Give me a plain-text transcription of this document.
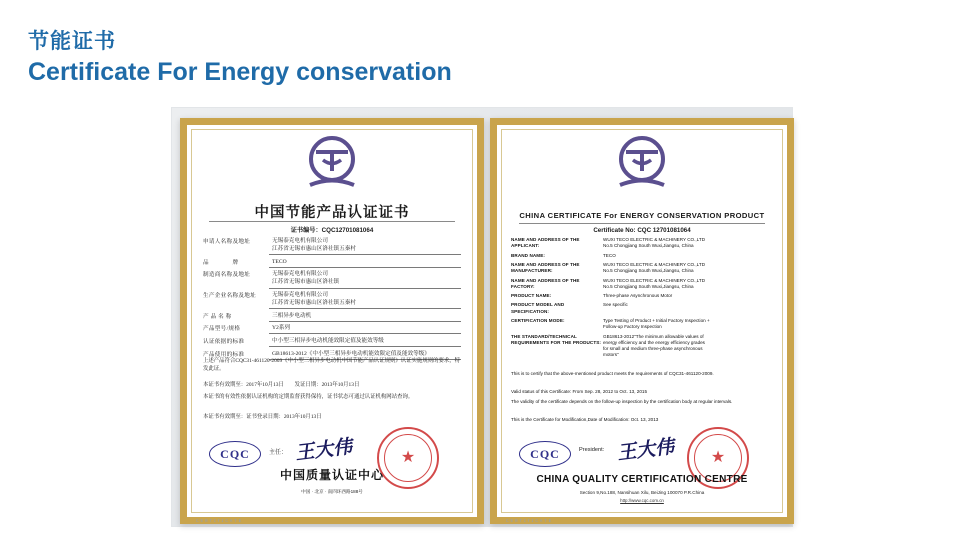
节能证书
Certificate For Energy conservation
中国节能产品认证证书
证书编号：CQC12701081064
申请人名称及地址	无锡泰克电机有限公司
江苏省无锡市惠山区洛社镇五秦村
品　　　　牌	TECO
制造商名称及地址	无锡泰克电机有限公司
江苏省无锡市惠山区洛社镇
生产企业名称及地址	无锡泰克电机有限公司
江苏省无锡市惠山区洛社镇五秦村
产 品 名 称	三相异步电动机
产品型号/规格	Y2系列
认证依据的标准	中小型三相异步电动机能效限定值及能效等级
产品使用的标准	GB18613-2012《中小型三相异步电动机能效限定值及能效等级》
上述产品符合CQC31-461120-2009《中小型三相异步电动机中国节能产品认证规则》认证实施规则的要求，特发此证。
本证书有效期至：2017年10月13日　　发证日期：2013年10月13日
本证书的有效性依据认证机构的定期监督获得保持，证书状态可通过认证机构网站查询。
本证书有效期至：证书登录日期：2013年10月13日
CQC	主任： 王大伟	★
中国质量认证中心
中国 · 北京 · 南四环西路188号
CHINA CERTIFICATE For ENERGY CONSERVATION PRODUCT
Certificate No: CQC 12701081064
NAME AND ADDRESS OF THE APPLICANT:
WUXI TECO ELECTRIC & MACHINERY CO.,LTD
No.5 Chongjiang South Wuxi,Jiangsu, China
BRAND NAME:	TECO
NAME AND ADDRESS OF THE MANUFACTURER:
WUXI TECO ELECTRIC & MACHINERY CO.,LTD
No.5 Chongjiang South Wuxi,Jiangsu, China
NAME AND ADDRESS OF THE FACTORY:
WUXI TECO ELECTRIC & MACHINERY CO.,LTD
No.5 Chongjiang South Wuxi,Jiangsu, China
PRODUCT NAME:	Three-phase Asynchronous Motor
PRODUCT MODEL AND SPECIFICATION:
See specific
CERTIFICATION MODE:	Type Testing of Product + Initial Factory Inspection +
Follow-up Factory Inspection
THE STANDARD/TECHNICAL REQUIREMENTS FOR THE PRODUCTS:
GB18613-2012"The minimum allowable values of
energy efficiency and the energy efficiency grades
for small and medium three-phase asynchronous
motors"
This is to certify that the above-mentioned product meets the requirements of CQC31-461120-2009.
Valid status of this Certificate: From Sep. 28, 2012 to Oct. 13, 2015
The validity of the certificate depends on the follow-up inspection by the certification body at regular intervals.
This is the Certificate for Modification,Date of Modification: Oct. 13, 2013
CQC	President: 王大伟 ★
CHINA QUALITY CERTIFICATION CENTRE
Section 9,No.188, Nansihuan Xilu, BeiJing 100070 P.R.China
http://www.cqc.com.cn
ᴄᴇʀᴛɪғɪᴄᴀᴛᴇ	ᴄᴇʀᴛɪғɪᴄᴀᴛᴇ
